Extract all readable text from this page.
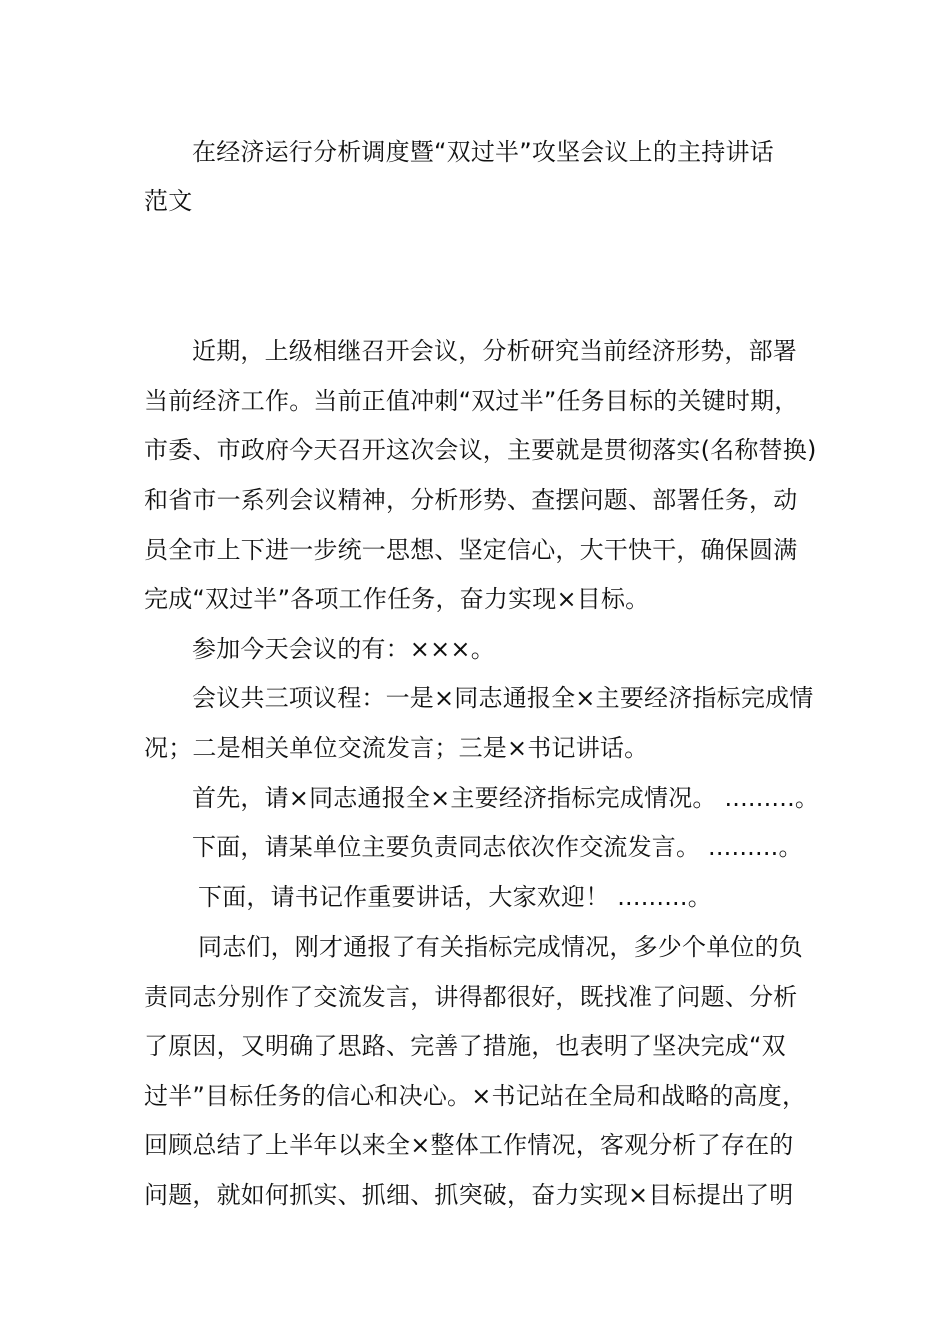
在经济运行分析调度暨“双过半”攻坚会议上的主持讲话
范文
近期，上级相继召开会议，分析研究当前经济形势，部署
当前经济工作。当前正值冲刺“双过半”任务目标的关键时期，
市委、市政府今天召开这次会议，主要就是贯彻落实(名称替换)
和省市一系列会议精神，分析形势、查摆问题、部署任务，动
员全市上下进一步统一思想、坚定信心，大干快干，确保圆满
完成“双过半”各项工作任务，奋力实现×目标。
参加今天会议的有：×××。
会议共三项议程：一是×同志通报全×主要经济指标完成情
况；二是相关单位交流发言；三是×书记讲话。
首先，请×同志通报全×主要经济指标完成情况。 .........。
下面，请某单位主要负责同志依次作交流发言。 .........。
下面，请书记作重要讲话，大家欢迎！ .........。
同志们，刚才通报了有关指标完成情况，多少个单位的负
责同志分别作了交流发言，讲得都很好，既找准了问题、分析
了原因，又明确了思路、完善了措施，也表明了坚决完成“双
过半”目标任务的信心和决心。×书记站在全局和战略的高度，
回顾总结了上半年以来全×整体工作情况，客观分析了存在的
问题，就如何抓实、抓细、抓突破，奋力实现×目标提出了明
